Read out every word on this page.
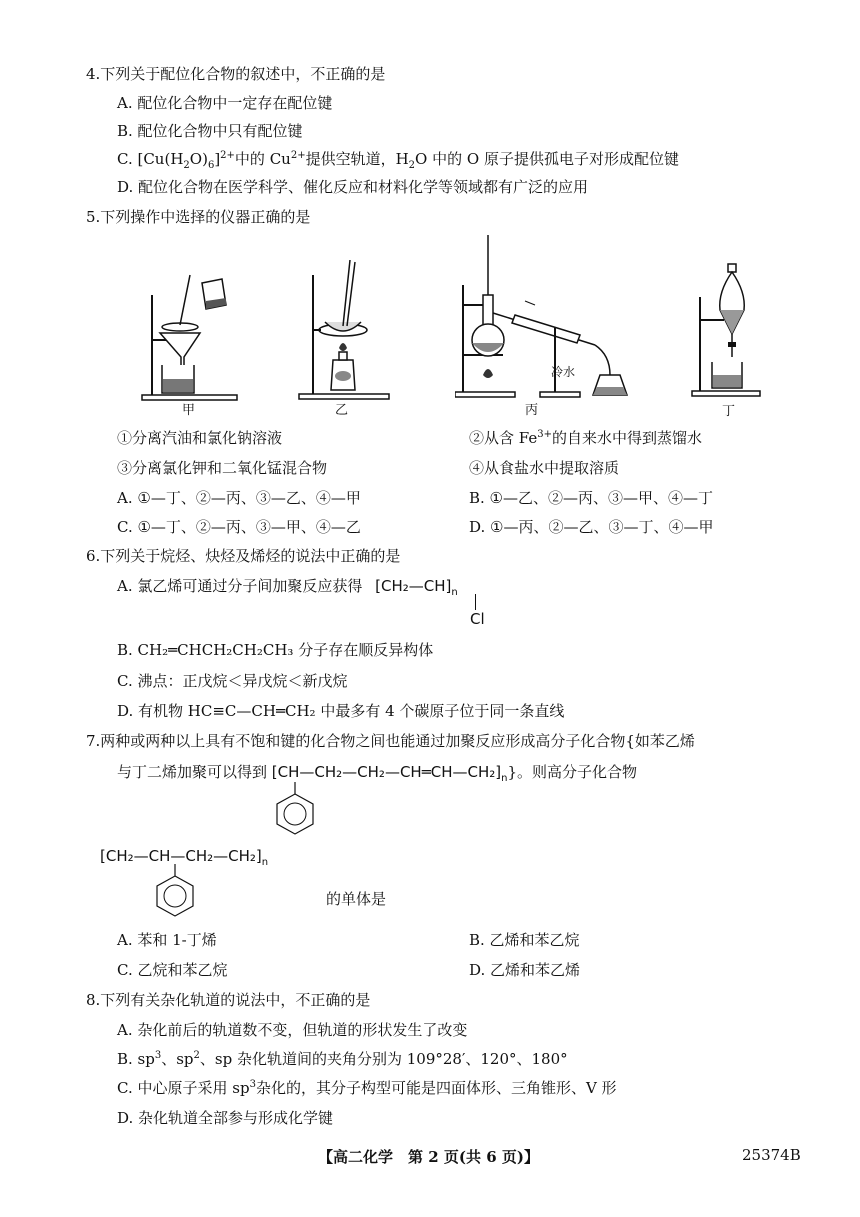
4.下列关于配位化合物的叙述中，不正确的是
A. 配位化合物中一定存在配位键
B. 配位化合物中只有配位键
C. $[Cu(H_2O)_6]^{2+}$中的 $Cu^{2+}$提供空轨道，$H_2O$ 中的 O 原子提供孤电子对形成配位键
D. 配位化合物在医学科学、催化反应和材料化学等领域都有广泛的应用
5.下列操作中选择的仪器正确的是
甲	乙
冷水
丙	丁
①分离汽油和氯化钠溶液	②从含 $Fe^{3+}$的自来水中得到蒸馏水
③分离氯化钾和二氧化锰混合物	④从食盐水中提取溶质
A. ①—丁、②—丙、③—乙、④—甲	B. ①—乙、②—丙、③—甲、④—丁
C. ①—丁、②—丙、③—甲、④—乙	D. ①—丙、②—乙、③—丁、④—甲
6.下列关于烷烃、炔烃及烯烃的说法中正确的是
A. 氯乙烯可通过分子间加聚反应获得 $[CH_2—CH]_n$
Cl
B. CH₂═CHCH₂CH₂CH₃ 分子存在顺反异构体
C. 沸点：正戊烷＜异戊烷＜新戊烷
D. 有机物 HC≡C—CH═CH₂ 中最多有 4 个碳原子位于同一条直线
7.两种或两种以上具有不饱和键的化合物之间也能通过加聚反应形成高分子化合物{如苯乙烯
与丁二烯加聚可以得到 $[CH—CH_2—CH_2—CH═CH—CH_2]_n$}。则高分子化合物
$[CH_2—CH—CH_2—CH_2]_n$
的单体是
A. 苯和 1-丁烯	B. 乙烯和苯乙烷
C. 乙烷和苯乙烷	D. 乙烯和苯乙烯
8.下列有关杂化轨道的说法中，不正确的是
A. 杂化前后的轨道数不变，但轨道的形状发生了改变
B. $sp^3$、$sp^2$、sp 杂化轨道间的夹角分别为 109°28′、120°、180°
C. 中心原子采用 $sp^3$杂化的，其分子构型可能是四面体形、三角锥形、V 形
D. 杂化轨道全部参与形成化学键
【高二化学　第 2 页(共 6 页)】	25374B
